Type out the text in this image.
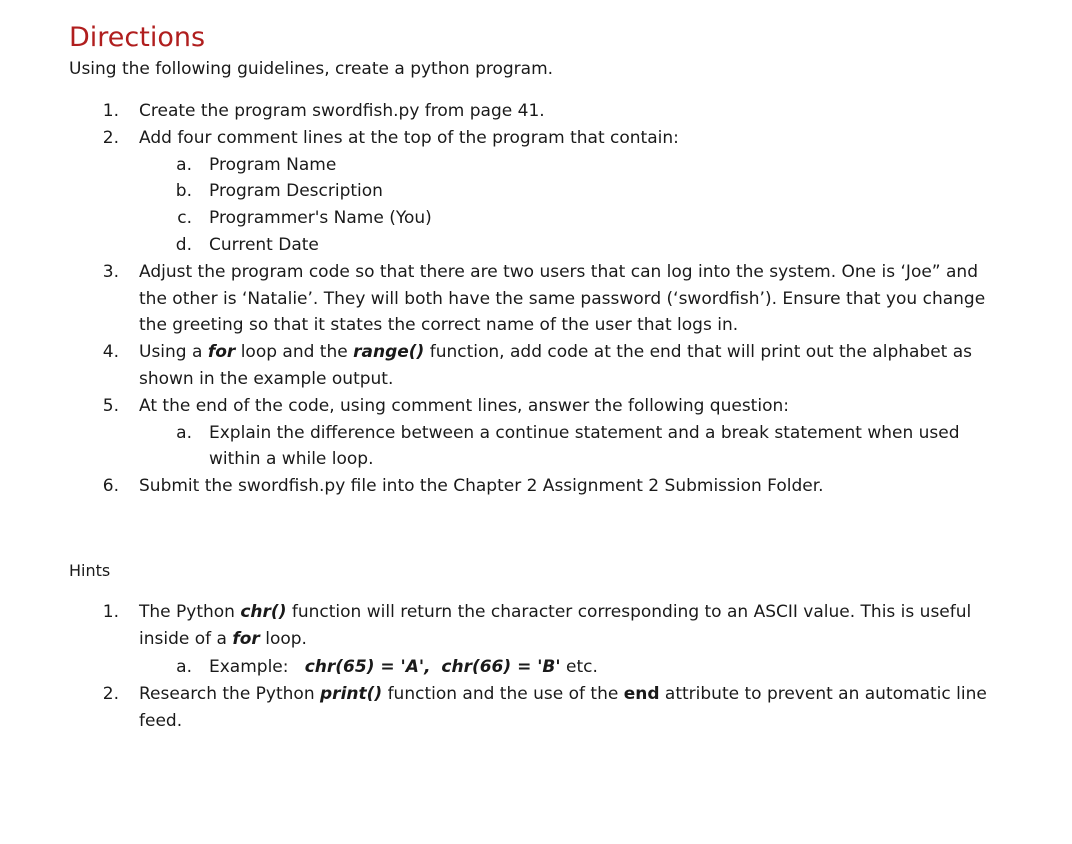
Directions
Using the following guidelines, create a python program.
1. Create the program swordfish.py from page 41.
2. Add four comment lines at the top of the program that contain:
a. Program Name
b. Program Description
c. Programmer's Name (You)
d. Current Date
3. Adjust the program code so that there are two users that can log into the system. One is ‘Joe” and
the other is ‘Natalie’. They will both have the same password (‘swordfish’). Ensure that you change
the greeting so that it states the correct name of the user that logs in.
4. Using a for loop and the range() function, add code at the end that will print out the alphabet as
shown in the example output.
5. At the end of the code, using comment lines, answer the following question:
a. Explain the difference between a continue statement and a break statement when used
within a while loop.
6. Submit the swordfish.py file into the Chapter 2 Assignment 2 Submission Folder.
Hints
1. The Python chr() function will return the character corresponding to an ASCII value. This is useful
inside of a for loop.
a. Example: chr(65) = 'A', chr(66) = 'B' etc.
2. Research the Python print() function and the use of the end attribute to prevent an automatic line
feed.
